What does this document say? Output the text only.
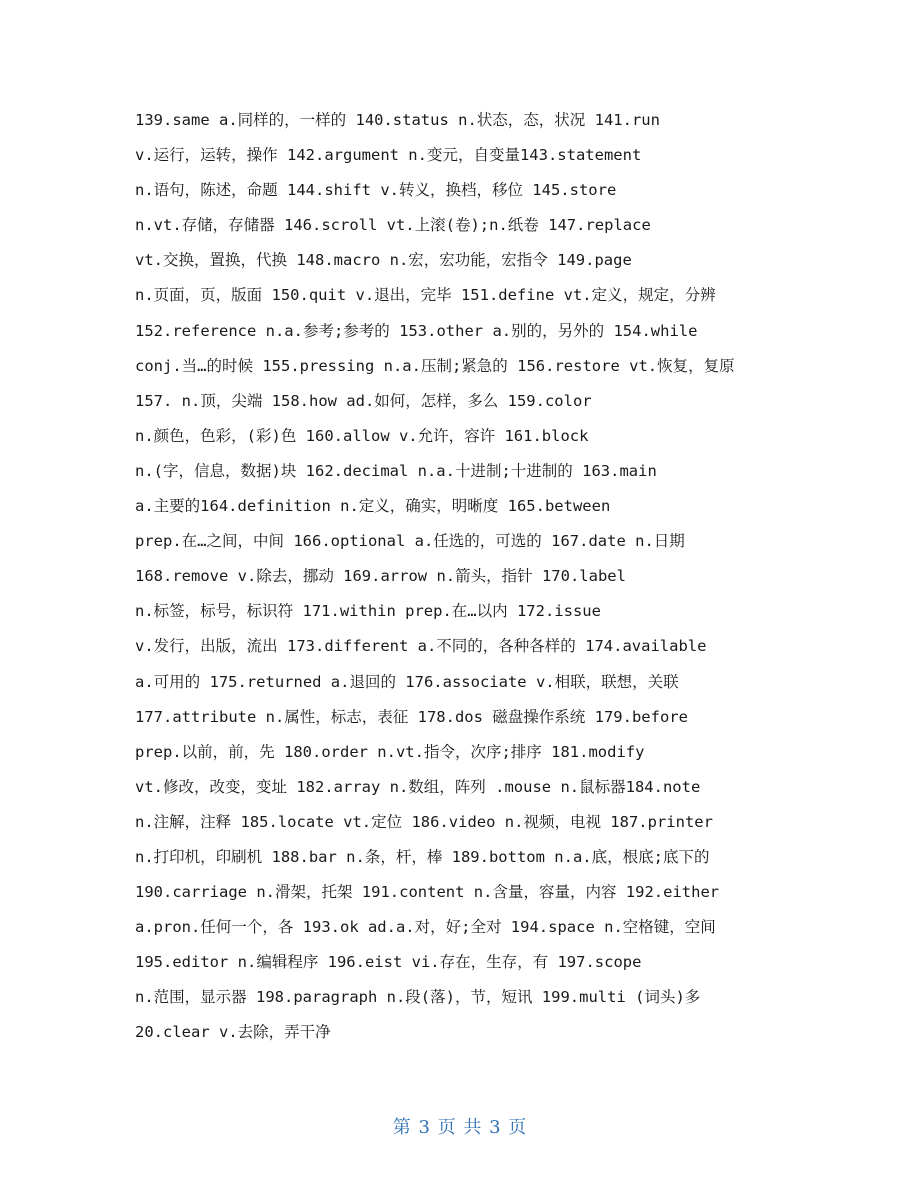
139.same a.同样的，一样的 140.status n.状态，态，状况 141.run
v.运行，运转，操作 142.argument n.变元，自变量143.statement
n.语句，陈述，命题 144.shift v.转义，换档，移位 145.store
n.vt.存储，存储器 146.scroll vt.上滚(卷);n.纸卷 147.replace
vt.交换，置换，代换 148.macro n.宏，宏功能，宏指令 149.page
n.页面，页，版面 150.quit v.退出，完毕 151.define vt.定义，规定，分辨
152.reference n.a.参考;参考的 153.other a.别的，另外的 154.while
conj.当…的时候 155.pressing n.a.压制;紧急的 156.restore vt.恢复，复原
157. n.顶，尖端 158.how ad.如何，怎样，多么 159.color
n.颜色，色彩，(彩)色 160.allow v.允许，容许 161.block
n.(字，信息，数据)块 162.decimal n.a.十进制;十进制的 163.main
a.主要的164.definition n.定义，确实，明晰度 165.between
prep.在…之间，中间 166.optional a.任选的，可选的 167.date n.日期
168.remove v.除去，挪动 169.arrow n.箭头，指针 170.label
n.标签，标号，标识符 171.within prep.在…以内 172.issue
v.发行，出版，流出 173.different a.不同的，各种各样的 174.available
a.可用的 175.returned a.退回的 176.associate v.相联，联想，关联
177.attribute n.属性，标志，表征 178.dos 磁盘操作系统 179.before
prep.以前，前，先 180.order n.vt.指令，次序;排序 181.modify
vt.修改，改变，变址 182.array n.数组，阵列 .mouse n.鼠标器184.note
n.注解，注释 185.locate vt.定位 186.video n.视频，电视 187.printer
n.打印机，印刷机 188.bar n.条，杆，棒 189.bottom n.a.底，根底;底下的
190.carriage n.滑架，托架 191.content n.含量，容量，内容 192.either
a.pron.任何一个，各 193.ok ad.a.对，好;全对 194.space n.空格键，空间
195.editor n.编辑程序 196.eist vi.存在，生存，有 197.scope
n.范围，显示器 198.paragraph n.段(落)，节，短讯 199.multi (词头)多
20.clear v.去除，弄干净
第 3 页 共 3 页
